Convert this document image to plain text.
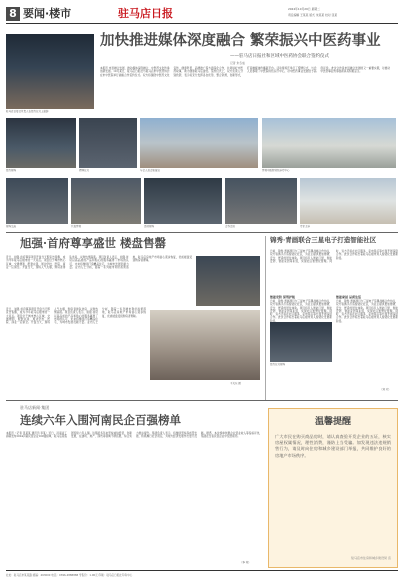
8 要闻·楼市	驻马店日报	2024年10月29日 星期二
责任编辑 王某某 版式 朱某某 校对 张某
加快推进媒体深度融合 繁荣振兴中医药事业
——驻马店日报社和区域中医药协会联合签约仪式
记者 朱冬成
驻马店日报社负责人在签约仪式上致辞
本报讯 市县融合发展，推动媒体深度融合，中医药文化传承创新发展。10月某日，驻马店日报社与驻马店市中医药协会在市中医院举行战略合作签约仪式。双方将围绕中医药文化宣传、健康科普、品牌推广等方面深化合作，共同讲好中医药故事，助力健康驻马店建设。签约仪式上，双方负责人分别致辞，表示将充分发挥各自优势，整合资源，创新形式，打造融媒体传播新平台。活动现场还举行了授牌仪式，与会人员参观了中医院特色诊疗中心，对中医药事业发展给予高度评价。此次合作是市县融合发展的又一重要实践，对推动中医药事业传承创新具有积极意义。
签约现场	授牌仪式	与会人员合影留念	参观中医院特色诊疗中心
现场交流	代表参观	活动现场	合作洽谈	专家义诊
旭强·首府尊享盛世 楼盘售罄
近日，旭强·首府尊享项目开盘当天即宣告售罄，成为今年驻马店楼市的一大亮点。项目位于城市核心区域，交通便利，配套完善，周边学校、医院、商业一应俱全。开盘当天，现场人气火爆，购房者排队选房，认购热情高涨。项目负责人表示，旭强·首府以高品质的产品和贴心的服务赢得了市场的认可，未来将继续打造精品住宅，为城市发展贡献力量。业内人士分析，随着一系列楼市利好政策落地，驻马店房地产市场信心逐步恢复，优质楼盘受到购房者青睐。
近日，旭强·首府尊享项目开盘当天即宣告售罄，成为今年驻马店楼市的一大亮点。项目位于城市核心区域，交通便利，配套完善，周边学校、医院、商业一应俱全。开盘当天，现场人气火爆，购房者排队选房，认购热情高涨。项目负责人表示，旭强·首府以高品质的产品和贴心的服务赢得了市场的认可，未来将继续打造精品住宅，为城市发展贡献力量。业内人士分析，随着一系列楼市利好政策落地，驻马店房地产市场信心逐步恢复，优质楼盘受到购房者青睐。
王关东 摄
锦秀·青画联合三星电子打造智能社区
日前，锦秀·青画项目与三星电子签署战略合作协议，双方将携手打造智能化社区，为业主提供更加便捷、安全、舒适的居住体验。项目将引入智能门禁、智能安防、智能家居等系统，实现社区智慧化管理。同时，双方还将在社区服务、家电售后等方面开展深度合作。此次合作标志着驻马店楼市进入智能化发展新阶段。
智能安防 保驾护航
日前，锦秀·青画项目与三星电子签署战略合作协议，双方将携手打造智能化社区，为业主提供更加便捷、安全、舒适的居住体验。项目将引入智能门禁、智能安防、智能家居等系统，实现社区智慧化管理。同时，双方还将在社区服务、家电售后等方面开展深度合作。此次合作标志着驻马店楼市进入智能化发展新
签约仪式现场
智能家居 品质生活
日前，锦秀·青画项目与三星电子签署战略合作协议，双方将携手打造智能化社区，为业主提供更加便捷、安全、舒适的居住体验。项目将引入智能门禁、智能安防、智能家居等系统，实现社区智慧化管理。同时，双方还将在社区服务、家电售后等方面开展深度合作。此次合作标志着驻马店楼市进入智能化发展新阶段。
（刘 欢）
驻马店新闻·集团
连续六年入围河南民企百强榜单
本报讯（记者 张某某 通讯员 李某）近日，河南省工商联发布2024河南民营企业100强榜单，驻马店某集团连续六年入围。该集团多年来坚持诚信经营、创新发展，在建筑、地产、商贸等领域不断拓展，综合实力稳步提升。集团负责人表示，将继续坚持高质量发展，积极履行社会责任，为地方经济发展作出更大贡献。据悉，本次榜单依据企业营业收入等指标评选，集团在全省民营企业中位居前列。
（李 某）
温馨提醒
广大市民在购买商品房时，请认真查验开发企业的五证，核实房屋权属情况，理性消费，谨防上当受骗。如发现违法违规销售行为，请及时向住房和城乡建设部门举报，共同维护良好的房地产市场秩序。
驻马店市住房和城乡建设局 宣
社址：驻马店市某某路 邮编：463000 电话：0396-2888888 零售价：1.00元 印刷：驻马店日报社印务中心
